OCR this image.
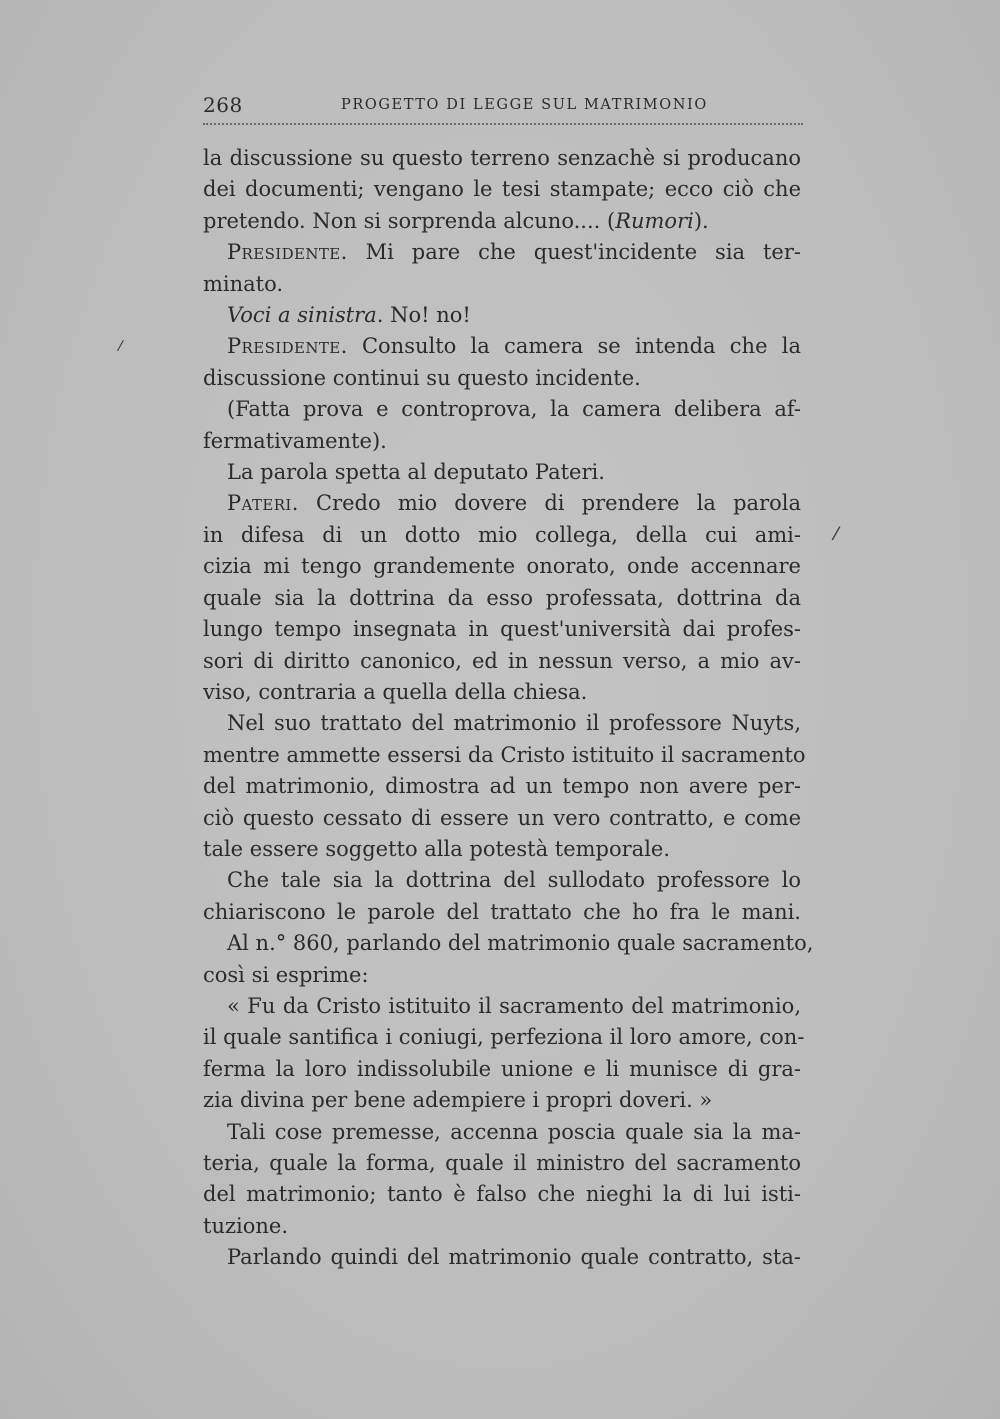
268	PROGETTO DI LEGGE SUL MATRIMONIO
la discussione su questo terreno senzachè si producano
dei documenti; vengano le tesi stampate; ecco ciò che
pretendo. Non si sorprenda alcuno.... (Rumori).
Presidente. Mi pare che quest'incidente sia ter-
minato.
Voci a sinistra. No! no!
Presidente. Consulto la camera se intenda che la
discussione continui su questo incidente.
(Fatta prova e controprova, la camera delibera af-
fermativamente).
La parola spetta al deputato Pateri.
Pateri. Credo mio dovere di prendere la parola
in difesa di un dotto mio collega, della cui ami-
cizia mi tengo grandemente onorato, onde accennare
quale sia la dottrina da esso professata, dottrina da
lungo tempo insegnata in quest'università dai profes-
sori di diritto canonico, ed in nessun verso, a mio av-
viso, contraria a quella della chiesa.
Nel suo trattato del matrimonio il professore Nuyts,
mentre ammette essersi da Cristo istituito il sacramento
del matrimonio, dimostra ad un tempo non avere per-
ciò questo cessato di essere un vero contratto, e come
tale essere soggetto alla potestà temporale.
Che tale sia la dottrina del sullodato professore lo
chiariscono le parole del trattato che ho fra le mani.
Al n.° 860, parlando del matrimonio quale sacramento,
così si esprime:
« Fu da Cristo istituito il sacramento del matrimonio,
il quale santifica i coniugi, perfeziona il loro amore, con-
ferma la loro indissolubile unione e li munisce di gra-
zia divina per bene adempiere i propri doveri. »
Tali cose premesse, accenna poscia quale sia la ma-
teria, quale la forma, quale il ministro del sacramento
del matrimonio; tanto è falso che nieghi la di lui isti-
tuzione.
Parlando quindi del matrimonio quale contratto, sta-
/
/
